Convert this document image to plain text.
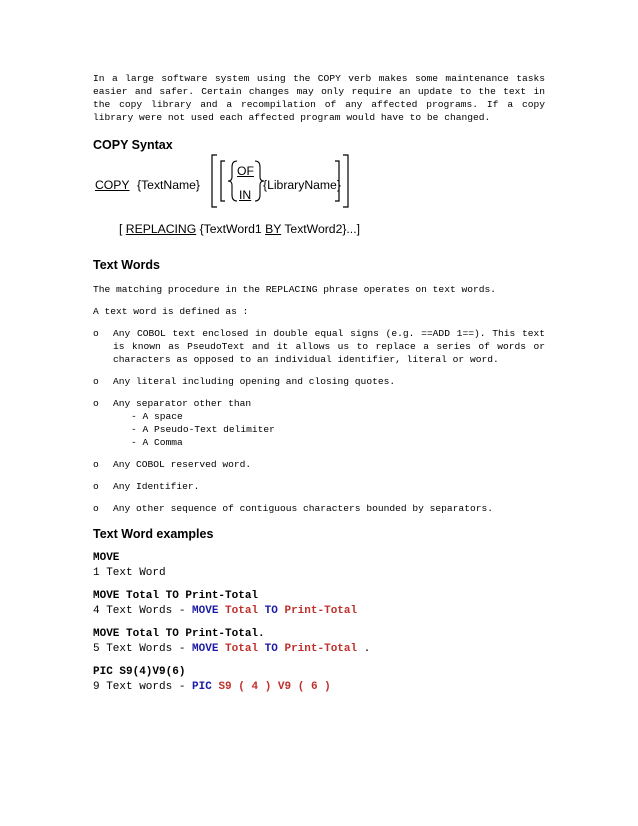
In a large software system using the COPY verb makes some maintenance tasks easier and safer. Certain changes may only require an update to the text in the copy library and a recompilation of any affected programs. If a copy library were not used each affected program would have to be changed.

COPY Syntax
COPY {TextName}
OF
IN
{LibraryName}
[ REPLACING {TextWord1 BY TextWord2}...]
Text Words

The matching procedure in the REPLACING phrase operates on text words.

A text word is defined as :

o	Any COBOL text enclosed in double equal signs (e.g. ==ADD 1==). This text is known as PseudoText and it allows us to replace a series of words or characters as opposed to an individual identifier, literal or word.
o	Any literal including opening and closing quotes.
o	Any separator other than

- A space

- A Pseudo-Text delimiter

- A Comma

o	Any COBOL reserved word.
o	Any Identifier.
o	Any other sequence of contiguous characters bounded by separators.
Text Word examples

MOVE

1 Text Word

MOVE Total TO Print-Total

4 Text Words - MOVE Total TO Print-Total

MOVE Total TO Print-Total.

5 Text Words - MOVE Total TO Print-Total .

PIC S9(4)V9(6)

9 Text words - PIC S9 ( 4 ) V9 ( 6 )
